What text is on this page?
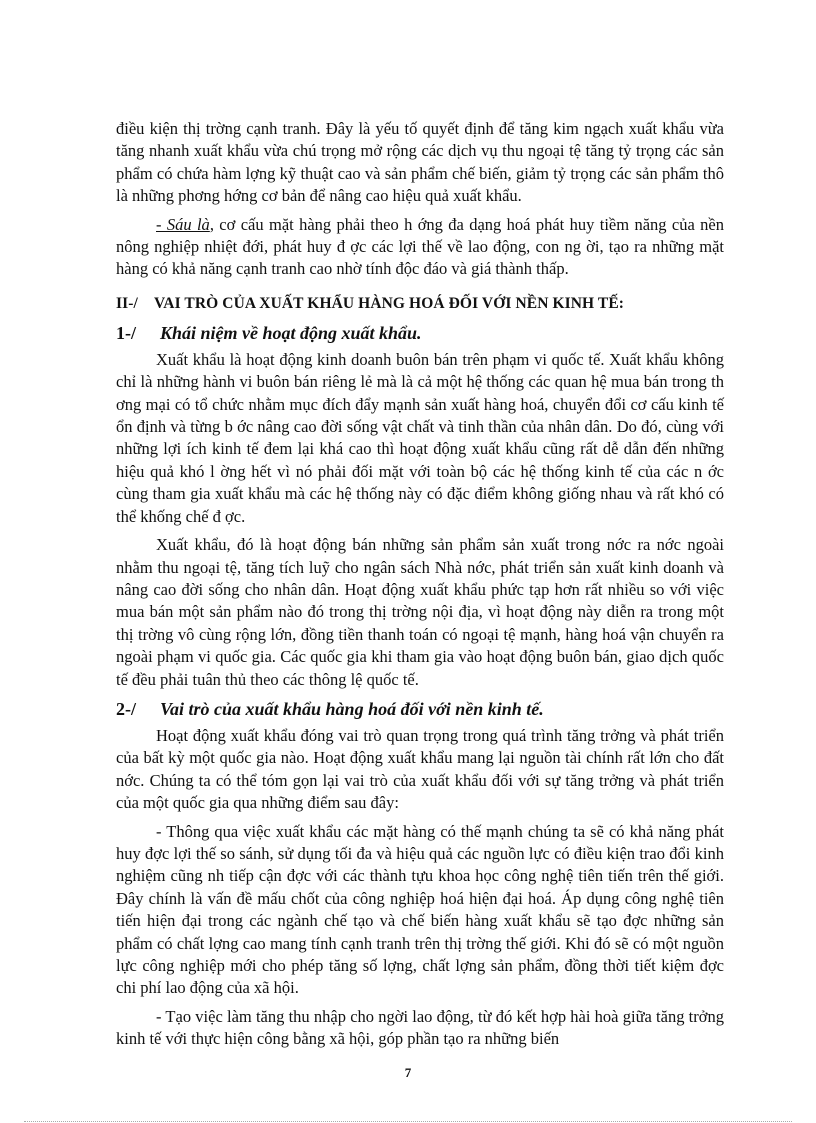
điều kiện thị trờng cạnh tranh. Đây là yếu tố quyết định để tăng kim ngạch xuất khẩu vừa tăng nhanh xuất khẩu vừa chú trọng mở rộng các dịch vụ thu ngoại tệ tăng tỷ trọng các sản phẩm có chứa hàm lợng kỹ thuật cao và sản phẩm chế biến, giảm tỷ trọng các sản phẩm thô là những phơng hớng cơ bản để nâng cao hiệu quả xuất khẩu.

- Sáu là, cơ cấu mặt hàng phải theo h ớng đa dạng hoá phát huy tiềm năng của nền nông nghiệp nhiệt đới, phát huy đ ợc các lợi thế về lao động, con ng ời, tạo ra những mặt hàng có khả năng cạnh tranh cao nhờ tính độc đáo và giá thành thấp.

II-/ VAI TRÒ CỦA XUẤT KHẨU HÀNG HOÁ ĐỐI VỚI NỀN KINH TẾ:
1-/ Khái niệm về hoạt động xuất khẩu.

Xuất khẩu là hoạt động kinh doanh buôn bán trên phạm vi quốc tế. Xuất khẩu không chỉ là những hành vi buôn bán riêng lẻ mà là cả một hệ thống các quan hệ mua bán trong th ơng mại có tổ chức nhằm mục đích đẩy mạnh sản xuất hàng hoá, chuyển đổi cơ cấu kinh tế ổn định và từng b ớc nâng cao đời sống vật chất và tinh thần của nhân dân. Do đó, cùng với những lợi ích kinh tế đem lại khá cao thì hoạt động xuất khẩu cũng rất dễ dẫn đến những hiệu quả khó l ờng hết vì nó phải đối mặt với toàn bộ các hệ thống kinh tế của các n ớc cùng tham gia xuất khẩu mà các hệ thống này có đặc điểm không giống nhau và rất khó có thể khống chế đ ợc.

Xuất khẩu, đó là hoạt động bán những sản phẩm sản xuất trong nớc ra nớc ngoài nhằm thu ngoại tệ, tăng tích luỹ cho ngân sách Nhà nớc, phát triển sản xuất kinh doanh và nâng cao đời sống cho nhân dân. Hoạt động xuất khẩu phức tạp hơn rất nhiều so với việc mua bán một sản phẩm nào đó trong thị trờng nội địa, vì hoạt động này diễn ra trong một thị trờng vô cùng rộng lớn, đồng tiền thanh toán có ngoại tệ mạnh, hàng hoá vận chuyển ra ngoài phạm vi quốc gia. Các quốc gia khi tham gia vào hoạt động buôn bán, giao dịch quốc tế đều phải tuân thủ theo các thông lệ quốc tế.

2-/ Vai trò của xuất khẩu hàng hoá đối với nền kinh tế.

Hoạt động xuất khẩu đóng vai trò quan trọng trong quá trình tăng trởng và phát triển của bất kỳ một quốc gia nào. Hoạt động xuất khẩu mang lại nguồn tài chính rất lớn cho đất nớc. Chúng ta có thể tóm gọn lại vai trò của xuất khẩu đối với sự tăng trởng và phát triển của một quốc gia qua những điểm sau đây:

- Thông qua việc xuất khẩu các mặt hàng có thế mạnh chúng ta sẽ có khả năng phát huy đợc lợi thế so sánh, sử dụng tối đa và hiệu quả các nguồn lực có điều kiện trao đổi kinh nghiệm cũng nh tiếp cận đợc với các thành tựu khoa học công nghệ tiên tiến trên thế giới. Đây chính là vấn đề mấu chốt của công nghiệp hoá hiện đại hoá. Áp dụng công nghệ tiên tiến hiện đại trong các ngành chế tạo và chế biến hàng xuất khẩu sẽ tạo đợc những sản phẩm có chất lợng cao mang tính cạnh tranh trên thị trờng thế giới. Khi đó sẽ có một nguồn lực công nghiệp mới cho phép tăng số lợng, chất lợng sản phẩm, đồng thời tiết kiệm đợc chi phí lao động của xã hội.

- Tạo việc làm tăng thu nhập cho ngời lao động, từ đó kết hợp hài hoà giữa tăng trởng kinh tế với thực hiện công bằng xã hội, góp phần tạo ra những biến

7
